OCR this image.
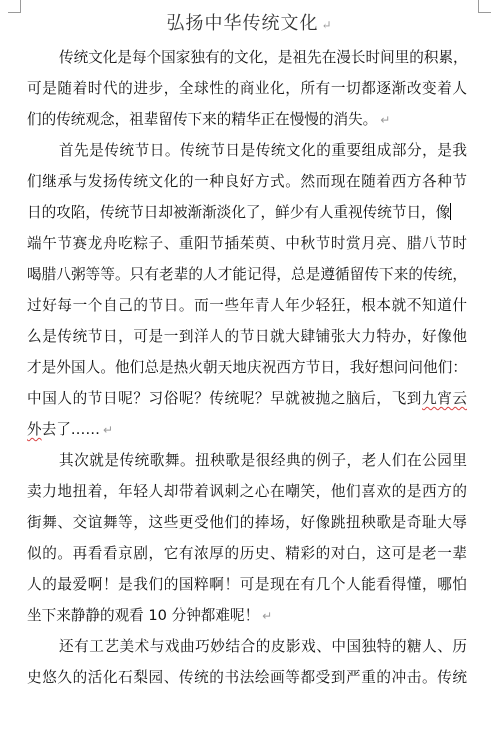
弘扬中华传统文化 ↵
传统文化是每个国家独有的文化，是祖先在漫长时间里的积累，
可是随着时代的进步，全球性的商业化，所有一切都逐渐改变着人
们的传统观念，祖辈留传下来的精华正在慢慢的消失。 ↵
首先是传统节日。传统节日是传统文化的重要组成部分，是我
们继承与发扬传统文化的一种良好方式。然而现在随着西方各种节
日的攻陷，传统节日却被渐渐淡化了，鲜少有人重视传统节日，像
端午节赛龙舟吃粽子、重阳节插茱萸、中秋节时赏月亮、腊八节时
喝腊八粥等等。只有老辈的人才能记得，总是遵循留传下来的传统，
过好每一个自己的节日。而一些年青人年少轻狂，根本就不知道什
么是传统节日，可是一到洋人的节日就大肆铺张大力特办，好像他
才是外国人。他们总是热火朝天地庆祝西方节日，我好想问问他们：
中国人的节日呢？习俗呢？传统呢？早就被抛之脑后，飞到九宵云
外去了…… ↵
其次就是传统歌舞。扭秧歌是很经典的例子，老人们在公园里
卖力地扭着，年轻人却带着讽刺之心在嘲笑，他们喜欢的是西方的
街舞、交谊舞等，这些更受他们的捧场，好像跳扭秧歌是奇耻大辱
似的。再看看京剧，它有浓厚的历史、精彩的对白，这可是老一辈
人的最爱啊！是我们的国粹啊！可是现在有几个人能看得懂，哪怕
坐下来静静的观看 10 分钟都难呢！ ↵
还有工艺美术与戏曲巧妙结合的皮影戏、中国独特的糖人、历
史悠久的活化石梨园、传统的书法绘画等都受到严重的冲击。传统
